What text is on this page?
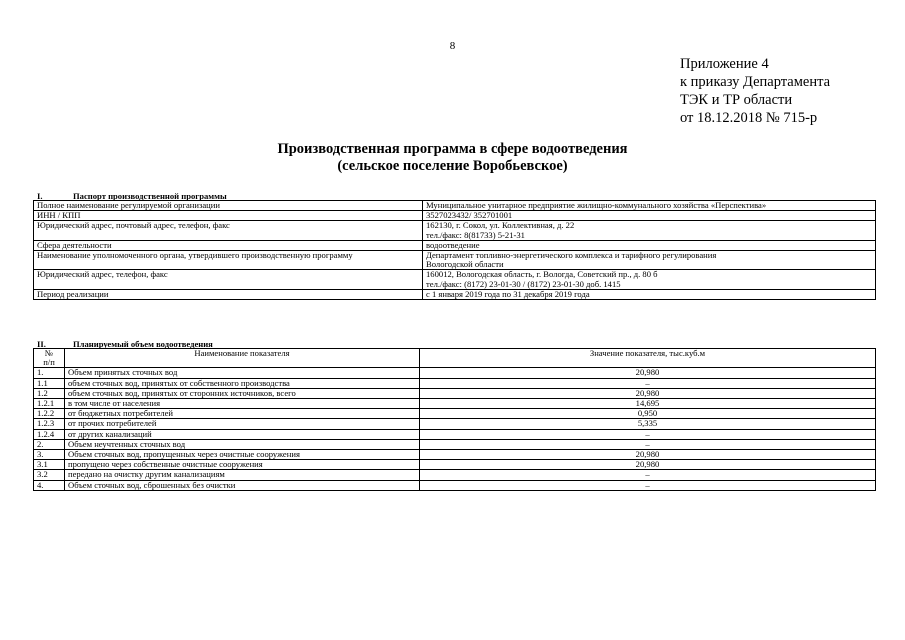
8
Приложение 4
к приказу Департамента
ТЭК и ТР области
от 18.12.2018 № 715-р
Производственная программа в сфере водоотведения
(сельское поселение Воробьевское)
I.	Паспорт производственной программы
Полное наименование регулируемой организации	Муниципальное унитарное предприятие жилищно-коммунального хозяйства «Перспектива»

ИНН / КПП	3527023432/ 352701001

Юридический адрес, почтовый адрес, телефон, факс	162130, г. Сокол, ул. Коллективная, д. 22
тел./факс: 8(81733) 5-21-31

Сфера деятельности	водоотведение

Наименование уполномоченного органа, утвердившего производственную программу	Департамент топливно-энергетического комплекса и тарифного регулирования
Вологодской области

Юридический адрес, телефон, факс	160012, Вологодская область, г. Вологда, Советский пр., д. 80 б
тел./факс: (8172) 23-01-30 / (8172) 23-01-30 доб. 1415

Период реализации	с 1 января 2019 года по 31 декабря 2019 года
II.	Планируемый объем водоотведения
№
п/п	Наименование показателя	Значение показателя, тыс.куб.м
1.	Объем принятых сточных вод	20,980
1.1	объем сточных вод, принятых от собственного производства	–
1.2	объем сточных вод, принятых от сторонних источников, всего	20,980
1.2.1	в том числе от населения	14,695
1.2.2	от бюджетных потребителей	0,950
1.2.3	от прочих потребителей	5,335
1.2.4	от других канализаций	–
2.	Объем неучтенных сточных вод	–
3.	Объем сточных вод, пропущенных через очистные сооружения	20,980
3.1	пропущено через собственные очистные сооружения	20,980
3.2	передано на очистку другим канализациям	–
4.	Объем сточных вод, сброшенных без очистки	–
